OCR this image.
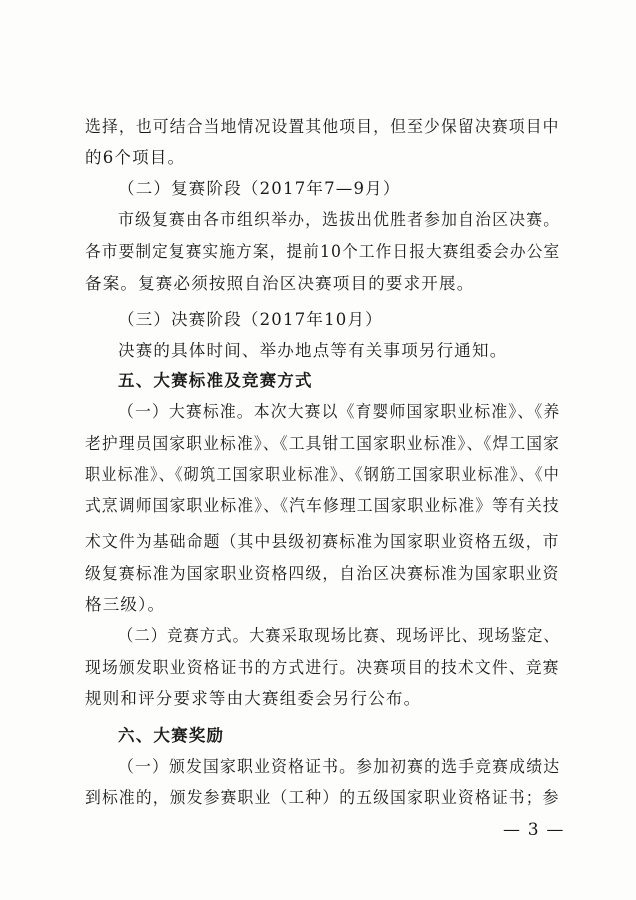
选择，也可结合当地情况设置其他项目，但至少保留决赛项目中
的6个项目。
（二）复赛阶段（2017年7—9月）
市级复赛由各市组织举办，选拔出优胜者参加自治区决赛。
各市要制定复赛实施方案，提前10个工作日报大赛组委会办公室
备案。复赛必须按照自治区决赛项目的要求开展。
（三）决赛阶段（2017年10月）
决赛的具体时间、举办地点等有关事项另行通知。
五、大赛标准及竞赛方式
（一）大赛标准。本次大赛以《育婴师国家职业标准》、《养
老护理员国家职业标准》、《工具钳工国家职业标准》、《焊工国家
职业标准》、《砌筑工国家职业标准》、《钢筋工国家职业标准》、《中
式烹调师国家职业标准》、《汽车修理工国家职业标准》等有关技
术文件为基础命题（其中县级初赛标准为国家职业资格五级，市
级复赛标准为国家职业资格四级，自治区决赛标准为国家职业资
格三级）。
（二）竞赛方式。大赛采取现场比赛、现场评比、现场鉴定、
现场颁发职业资格证书的方式进行。决赛项目的技术文件、竞赛
规则和评分要求等由大赛组委会另行公布。
六、大赛奖励
（一）颁发国家职业资格证书。参加初赛的选手竞赛成绩达
到标准的，颁发参赛职业（工种）的五级国家职业资格证书；参
— 3 —
